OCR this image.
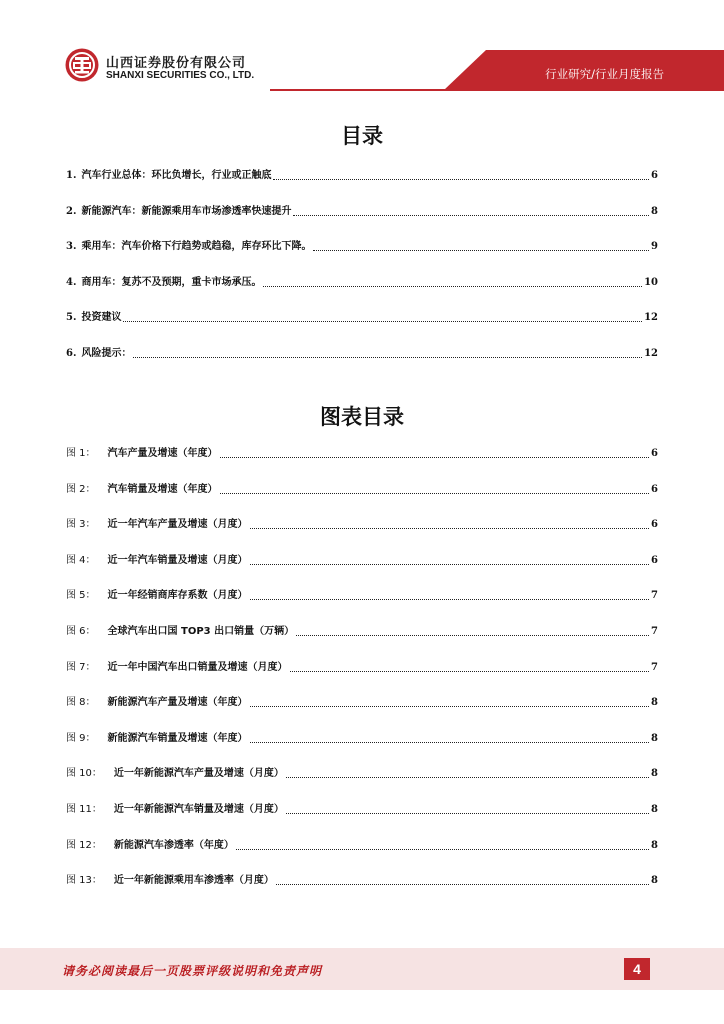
山西证券股份有限公司
SHANXI SECURITIES CO., LTD.	行业研究/行业月度报告
目录
1. 汽车行业总体：环比负增长，行业或正触底	6
2. 新能源汽车：新能源乘用车市场渗透率快速提升	8
3. 乘用车：汽车价格下行趋势或趋稳，库存环比下降。	9
4. 商用车：复苏不及预期，重卡市场承压。	10
5. 投资建议	12
6. 风险提示：	12
图表目录
图 1： 汽车产量及增速（年度）	6
图 2： 汽车销量及增速（年度）	6
图 3： 近一年汽车产量及增速（月度）	6
图 4： 近一年汽车销量及增速（月度）	6
图 5： 近一年经销商库存系数（月度）	7
图 6： 全球汽车出口国 TOP3 出口销量（万辆）	7
图 7： 近一年中国汽车出口销量及增速（月度）	7
图 8： 新能源汽车产量及增速（年度）	8
图 9： 新能源汽车销量及增速（年度）	8
图 10： 近一年新能源汽车产量及增速（月度）	8
图 11： 近一年新能源汽车销量及增速（月度）	8
图 12： 新能源汽车渗透率（年度）	8
图 13： 近一年新能源乘用车渗透率（月度）	8
请务必阅读最后一页股票评级说明和免责声明	4
